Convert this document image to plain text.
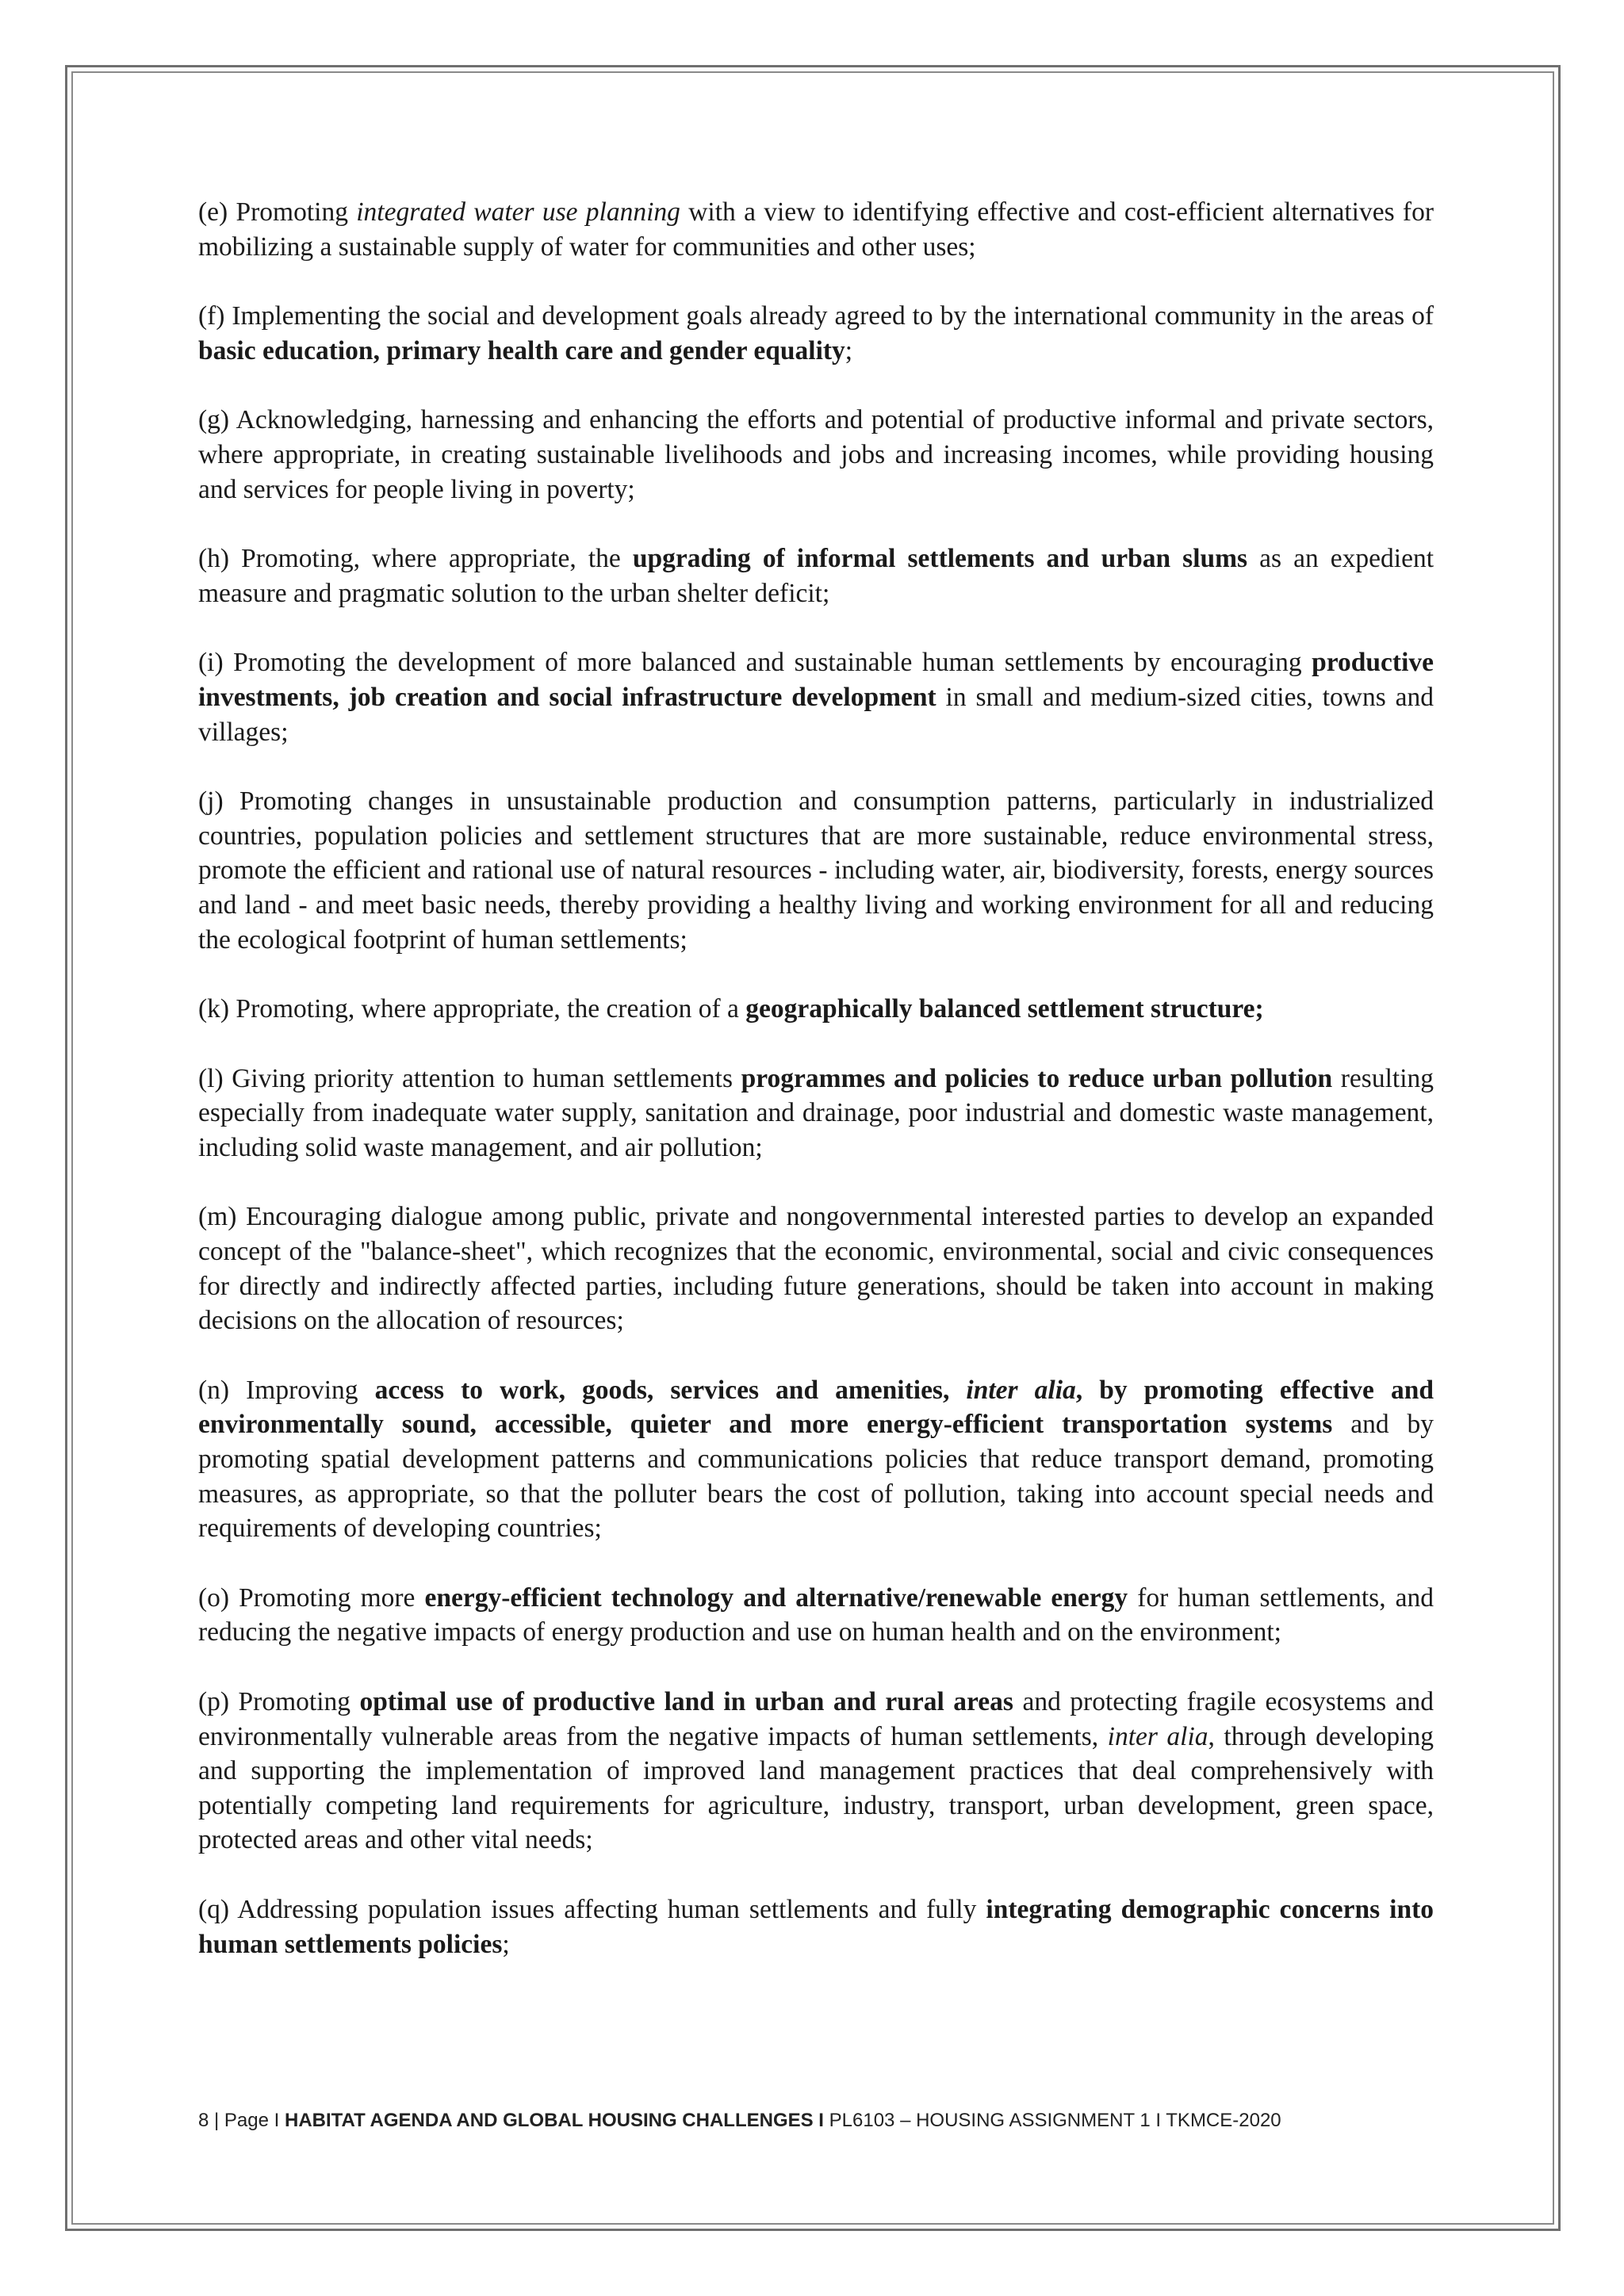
(e) Promoting integrated water use planning with a view to identifying effective and cost-efficient alternatives for mobilizing a sustainable supply of water for communities and other uses;

(f) Implementing the social and development goals already agreed to by the international community in the areas of basic education, primary health care and gender equality;

(g) Acknowledging, harnessing and enhancing the efforts and potential of productive informal and private sectors, where appropriate, in creating sustainable livelihoods and jobs and increasing incomes, while providing housing and services for people living in poverty;

(h) Promoting, where appropriate, the upgrading of informal settlements and urban slums as an expedient measure and pragmatic solution to the urban shelter deficit;

(i) Promoting the development of more balanced and sustainable human settlements by encouraging productive investments, job creation and social infrastructure development in small and medium-sized cities, towns and villages;

(j) Promoting changes in unsustainable production and consumption patterns, particularly in industrialized countries, population policies and settlement structures that are more sustainable, reduce environmental stress, promote the efficient and rational use of natural resources - including water, air, biodiversity, forests, energy sources and land - and meet basic needs, thereby providing a healthy living and working environment for all and reducing the ecological footprint of human settlements;

(k) Promoting, where appropriate, the creation of a geographically balanced settlement structure;

(l) Giving priority attention to human settlements programmes and policies to reduce urban pollution resulting especially from inadequate water supply, sanitation and drainage, poor industrial and domestic waste management, including solid waste management, and air pollution;

(m) Encouraging dialogue among public, private and nongovernmental interested parties to develop an expanded concept of the "balance-sheet", which recognizes that the economic, environmental, social and civic consequences for directly and indirectly affected parties, including future generations, should be taken into account in making decisions on the allocation of resources;

(n) Improving access to work, goods, services and amenities, inter alia, by promoting effective and environmentally sound, accessible, quieter and more energy-efficient transportation systems and by promoting spatial development patterns and communications policies that reduce transport demand, promoting measures, as appropriate, so that the polluter bears the cost of pollution, taking into account special needs and requirements of developing countries;

(o) Promoting more energy-efficient technology and alternative/renewable energy for human settlements, and reducing the negative impacts of energy production and use on human health and on the environment;

(p) Promoting optimal use of productive land in urban and rural areas and protecting fragile ecosystems and environmentally vulnerable areas from the negative impacts of human settlements, inter alia, through developing and supporting the implementation of improved land management practices that deal comprehensively with potentially competing land requirements for agriculture, industry, transport, urban development, green space, protected areas and other vital needs;

(q) Addressing population issues affecting human settlements and fully integrating demographic concerns into human settlements policies;

8 | Page I HABITAT AGENDA AND GLOBAL HOUSING CHALLENGES I PL6103 – HOUSING ASSIGNMENT 1 I TKMCE-2020
